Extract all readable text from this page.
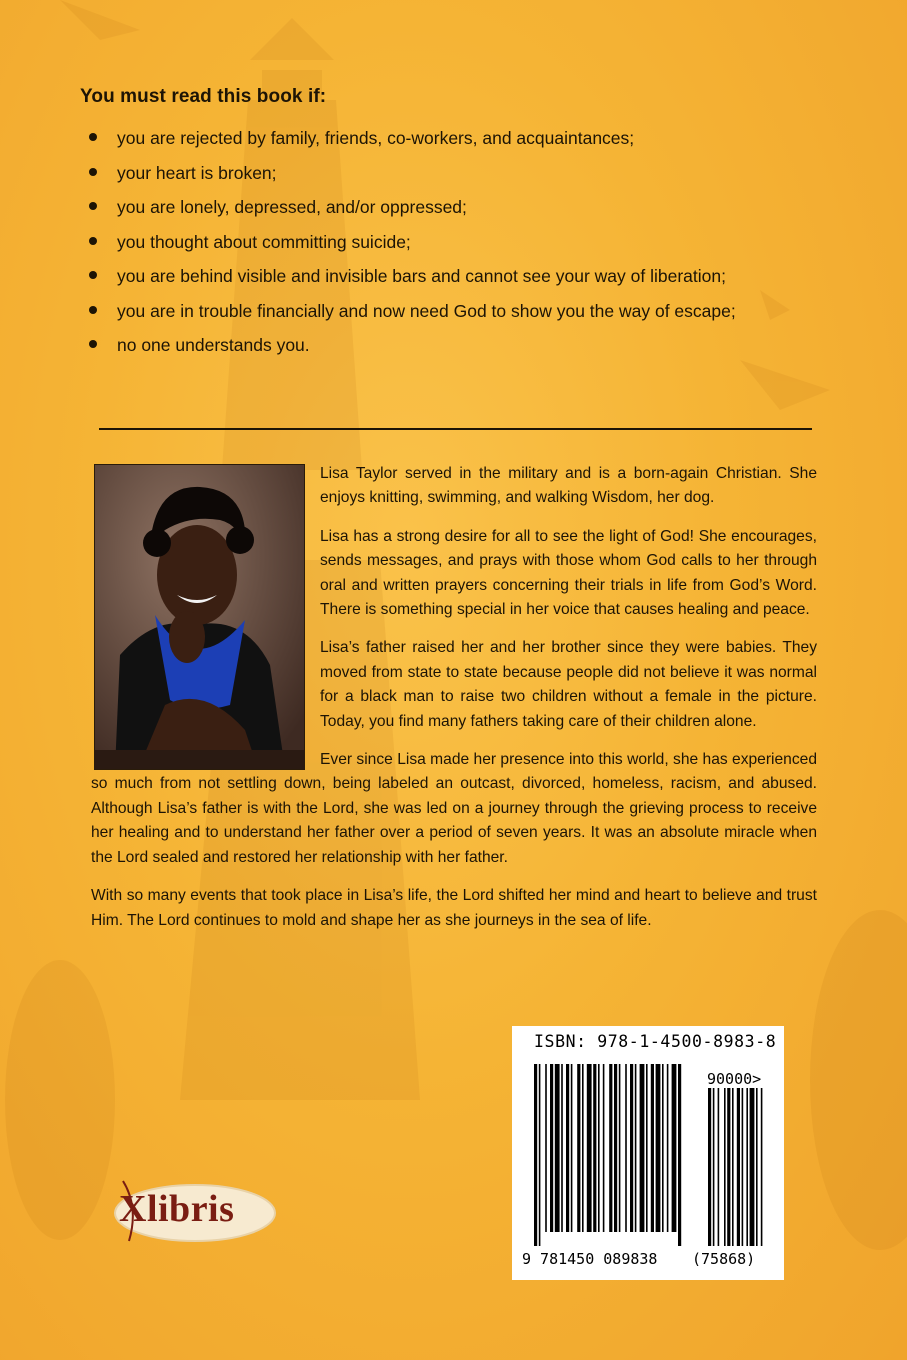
You must read this book if:
you are rejected by family, friends, co-workers, and acquaintances;
your heart is broken;
you are lonely, depressed, and/or oppressed;
you thought about committing suicide;
you are behind visible and invisible bars and cannot see your way of liberation;
you are in trouble financially and now need God to show you the way of escape;
no one understands you.

Lisa Taylor served in the military and is a born-again Christian. She enjoys knitting, swimming, and walking Wisdom, her dog.

Lisa has a strong desire for all to see the light of God! She encourages, sends messages, and prays with those whom God calls to her through oral and written prayers concerning their trials in life from God’s Word. There is something special in her voice that causes healing and peace.

Lisa’s father raised her and her brother since they were babies. They moved from state to state because people did not believe it was normal for a black man to raise two children without a female in the picture. Today, you find many fathers taking care of their children alone.

Ever since Lisa made her presence into this world, she has experienced so much from not settling down, being labeled an outcast, divorced, homeless, racism, and abused. Although Lisa’s father is with the Lord, she was led on a journey through the grieving process to receive her healing and to understand her father over a period of seven years. It was an absolute miracle when the Lord sealed and restored her relationship with her father.

With so many events that took place in Lisa’s life, the Lord shifted her mind and heart to believe and trust Him. The Lord continues to mold and shape her as she journeys in the sea of life.

Xlibris
ISBN: 978-1-4500-8983-8
90000>
9 781450 089838 (75868)
